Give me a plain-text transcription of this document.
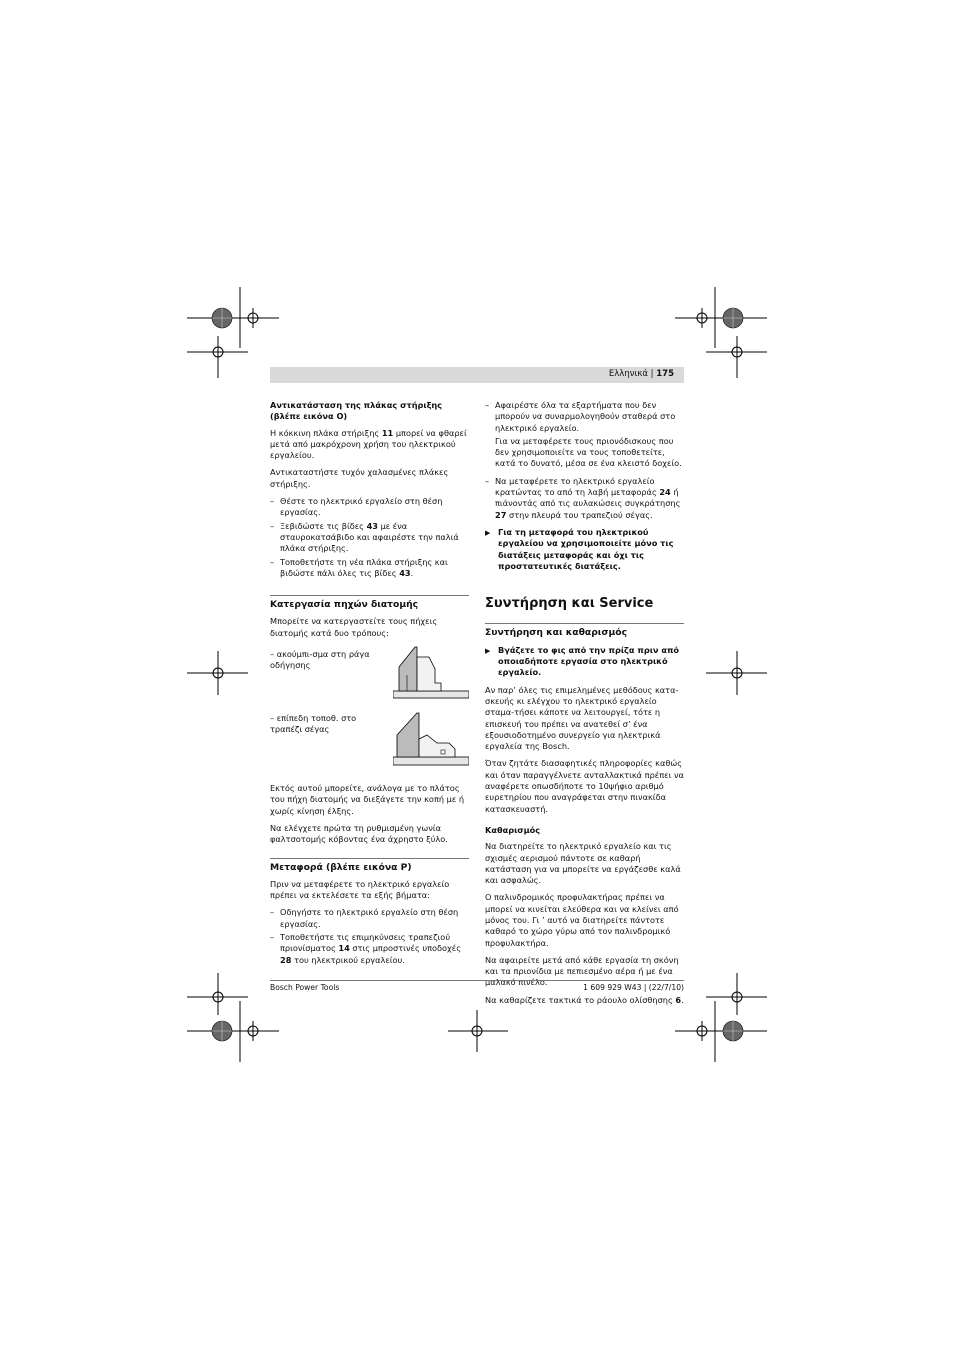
Ελληνικά | 175
Αντικατάσταση της πλάκας στήριξης
(βλέπε εικόνα O)

Η κόκκινη πλάκα στήριξης 11 μπορεί να φθαρεί μετά από μακρόχρονη χρήση του ηλεκτρικού εργαλείου.

Αντικαταστήστε τυχόν χαλασμένες πλάκες στήριξης.

– Θέστε το ηλεκτρικό εργαλείο στη θέση εργασίας.
– Ξεβιδώστε τις βίδες 43 με ένα σταυροκατσάβιδο και αφαιρέστε την παλιά πλάκα στήριξης.
– Τοποθετήστε τη νέα πλάκα στήριξης και βιδώστε πάλι όλες τις βίδες 43.
Κατεργασία πηχών διατομής

Μπορείτε να κατεργαστείτε τους πήχεις διατομής κατά δυο τρόπους:

– ακούμπι-σμα στη ράγα οδήγησης
– επίπεδη τοποθ. στο τραπέζι σέγας

Εκτός αυτού μπορείτε, ανάλογα με το πλάτος του πήχη διατομής να διεξάγετε την κοπή με ή χωρίς κίνηση έλξης.

Να ελέγχετε πρώτα τη ρυθμισμένη γωνία φαλτσοτομής κόβοντας ένα άχρηστο ξύλο.

Μεταφορά (βλέπε εικόνα P)

Πριν να μεταφέρετε το ηλεκτρικό εργαλείο πρέπει να εκτελέσετε τα εξής βήματα:

– Οδηγήστε το ηλεκτρικό εργαλείο στη θέση εργασίας.
– Τοποθετήστε τις επιμηκύνσεις τραπεζιού πριονίσματος 14 στις μπροστινές υποδοχές 28 του ηλεκτρικού εργαλείου.
– Αφαιρέστε όλα τα εξαρτήματα που δεν μπορούν να συναρμολογηθούν σταθερά στο ηλεκτρικό εργαλείο.
Για να μεταφέρετε τους πριονόδισκους που δεν χρησιμοποιείτε να τους τοποθετείτε, κατά το δυνατό, μέσα σε ένα κλειστό δοχείο.
– Να μεταφέρετε το ηλεκτρικό εργαλείο κρατώντας το από τη λαβή μεταφοράς 24 ή πιάνοντάς από τις αυλακώσεις συγκράτησης 27 στην πλευρά του τραπεζιού σέγας.
▶ Για τη μεταφορά του ηλεκτρικού εργαλείου να χρησιμοποιείτε μόνο τις διατάξεις μεταφοράς και όχι τις προστατευτικές διατάξεις.
Συντήρηση και Service
Συντήρηση και καθαρισμός
▶ Βγάζετε το φις από την πρίζα πριν από οποιαδήποτε εργασία στο ηλεκτρικό εργαλείο.

Αν παρ’ όλες τις επιμελημένες μεθόδους κατα-σκευής κι ελέγχου το ηλεκτρικό εργαλείο σταμα-τήσει κάποτε να λειτουργεί, τότε η επισκευή του πρέπει να ανατεθεί σ’ ένα εξουσιοδοτημένο συνεργείο για ηλεκτρικά εργαλεία της Bosch.

Όταν ζητάτε διασαφητικές πληροφορίες καθώς και όταν παραγγέλνετε ανταλλακτικά πρέπει να αναφέρετε οπωσδήποτε το 10ψήφιο αριθμό ευρετηρίου που αναγράφεται στην πινακίδα κατασκευαστή.

Καθαρισμός

Να διατηρείτε το ηλεκτρικό εργαλείο και τις σχισμές αερισμού πάντοτε σε καθαρή κατάσταση για να μπορείτε να εργάζεσθε καλά και ασφαλώς.

Ο παλινδρομικός προφυλακτήρας πρέπει να μπορεί να κινείται ελεύθερα και να κλείνει από μόνος του. Γι ’ αυτό να διατηρείτε πάντοτε καθαρό το χώρο γύρω από τον παλινδρομικό προφυλακτήρα.

Να αφαιρείτε μετά από κάθε εργασία τη σκόνη και τα πριονίδια με πεπιεσμένο αέρα ή με ένα μαλακό πινέλο.

Να καθαρίζετε τακτικά το ράουλο ολίσθησης 6.

Bosch Power Tools	1 609 929 W43 | (22/7/10)
